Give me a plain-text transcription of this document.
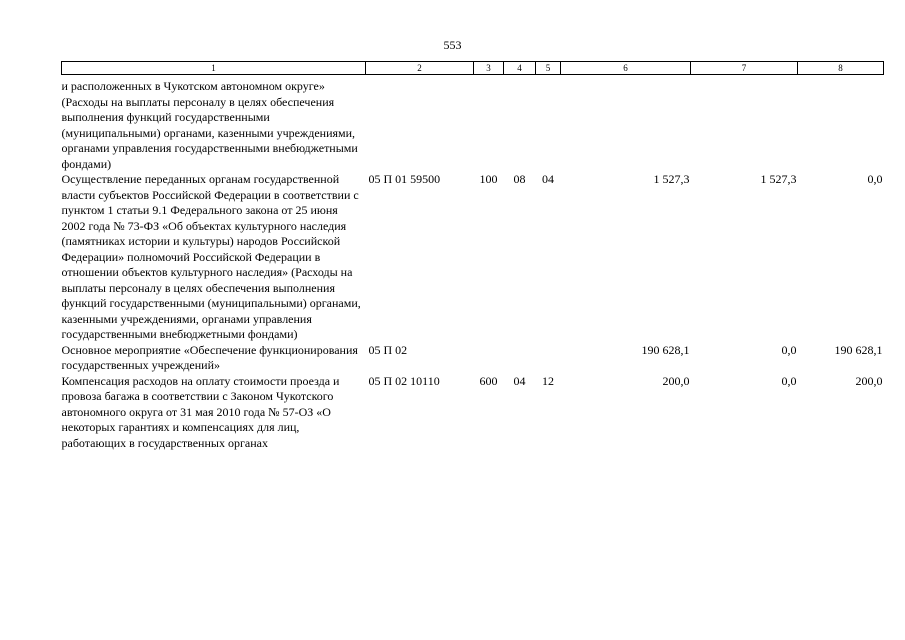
553
1	2	3	4	5	6	7	8

и расположенных в Чукотском автономном округе» (Расходы на выплаты персоналу в целях обеспечения выполнения функций государственными (муниципальными) органами, казенными учреждениями, органами управления государственными внебюджетными фондами)							
Осуществление переданных органам государственной власти субъектов Российской Федерации в соответствии с пунктом 1 статьи 9.1 Федерального закона от 25 июня 2002 года № 73-ФЗ «Об объектах культурного наследия (памятниках истории и культуры) народов Российской Федерации» полномочий Российской Федерации в отношении объектов культурного наследия» (Расходы на выплаты персоналу в целях обеспечения выполнения функций государственными (муниципальными) органами, казенными учреждениями, органами управления государственными внебюджетными фондами)	05 П 01 59500	100	08	04	1 527,3	1 527,3	0,0
Основное мероприятие «Обеспечение функционирования государственных учреждений»	05 П 02				190 628,1	0,0	190 628,1
Компенсация расходов на оплату стоимости проезда и провоза багажа в соответствии с Законом Чукотского автономного округа от 31 мая 2010 года № 57-ОЗ «О некоторых гарантиях и компенсациях для лиц, работающих в государственных органах	05 П 02 10110	600	04	12	200,0	0,0	200,0
